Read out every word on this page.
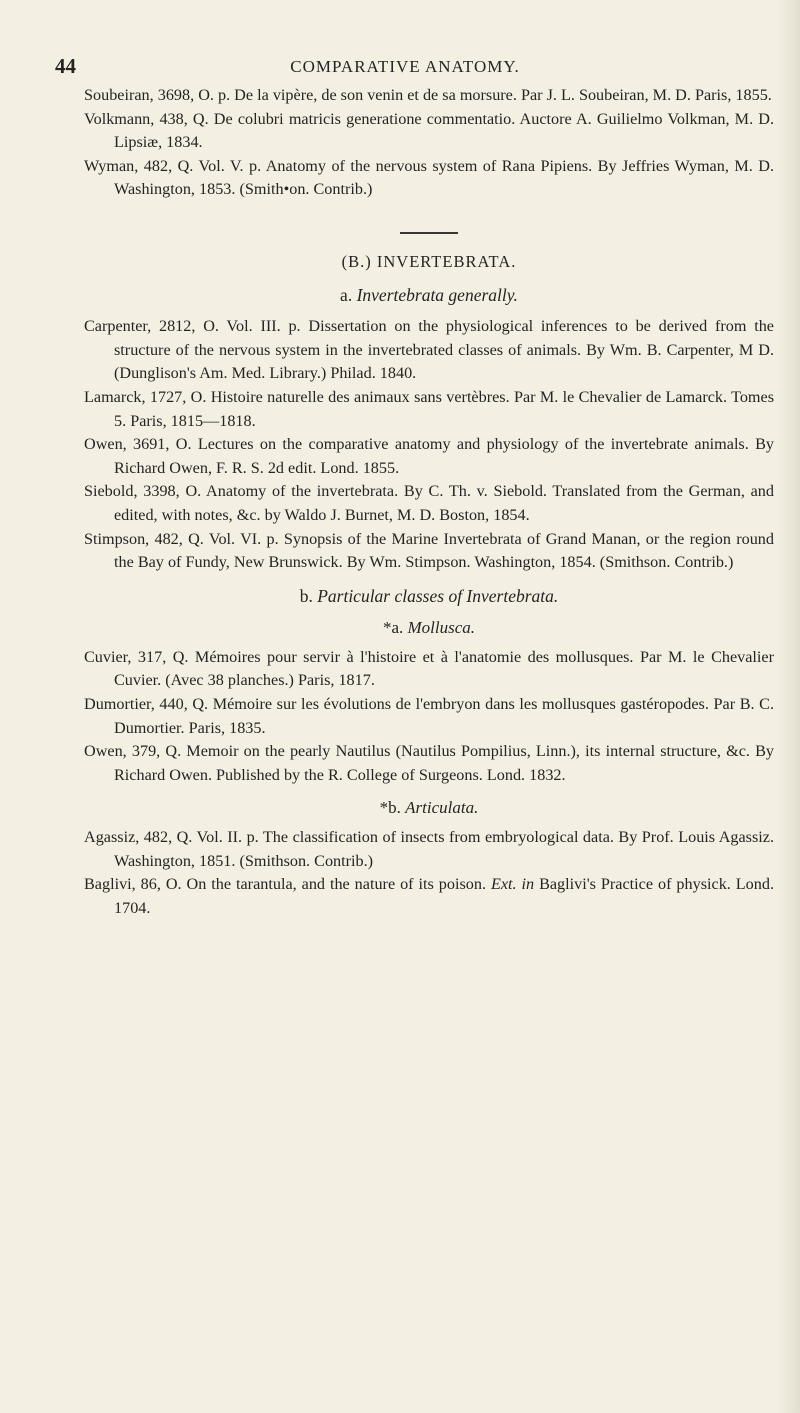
44	COMPARATIVE ANATOMY.

Soubeiran, 3698, O. p. De la vipère, de son venin et de sa morsure. Par J. L. Soubeiran, M. D. Paris, 1855.

Volkmann, 438, Q. De colubri matricis generatione commentatio. Auctore A. Guilielmo Volkman, M. D. Lipsiæ, 1834.

Wyman, 482, Q. Vol. V. p. Anatomy of the nervous system of Rana Pipiens. By Jeffries Wyman, M. D. Washington, 1853. (Smith•on. Contrib.)

(B.) INVERTEBRATA.
a. Invertebrata generally.

Carpenter, 2812, O. Vol. III. p. Dissertation on the physiological inferences to be derived from the structure of the nervous system in the invertebrated classes of animals. By Wm. B. Carpenter, M D. (Dunglison's Am. Med. Library.) Philad. 1840.

Lamarck, 1727, O. Histoire naturelle des animaux sans vertèbres. Par M. le Chevalier de Lamarck. Tomes 5. Paris, 1815—1818.

Owen, 3691, O. Lectures on the comparative anatomy and physiology of the invertebrate animals. By Richard Owen, F. R. S. 2d edit. Lond. 1855.

Siebold, 3398, O. Anatomy of the invertebrata. By C. Th. v. Siebold. Translated from the German, and edited, with notes, &c. by Waldo J. Burnet, M. D. Boston, 1854.

Stimpson, 482, Q. Vol. VI. p. Synopsis of the Marine Invertebrata of Grand Manan, or the region round the Bay of Fundy, New Brunswick. By Wm. Stimpson. Washington, 1854. (Smithson. Contrib.)

b. Particular classes of Invertebrata.
*a. Mollusca.

Cuvier, 317, Q. Mémoires pour servir à l'histoire et à l'anatomie des mollusques. Par M. le Chevalier Cuvier. (Avec 38 planches.) Paris, 1817.

Dumortier, 440, Q. Mémoire sur les évolutions de l'embryon dans les mollusques gastéropodes. Par B. C. Dumortier. Paris, 1835.

Owen, 379, Q. Memoir on the pearly Nautilus (Nautilus Pompilius, Linn.), its internal structure, &c. By Richard Owen. Published by the R. College of Surgeons. Lond. 1832.

*b. Articulata.

Agassiz, 482, Q. Vol. II. p. The classification of insects from embryological data. By Prof. Louis Agassiz. Washington, 1851. (Smithson. Contrib.)

Baglivi, 86, O. On the tarantula, and the nature of its poison. Ext. in Baglivi's Practice of physick. Lond. 1704.
